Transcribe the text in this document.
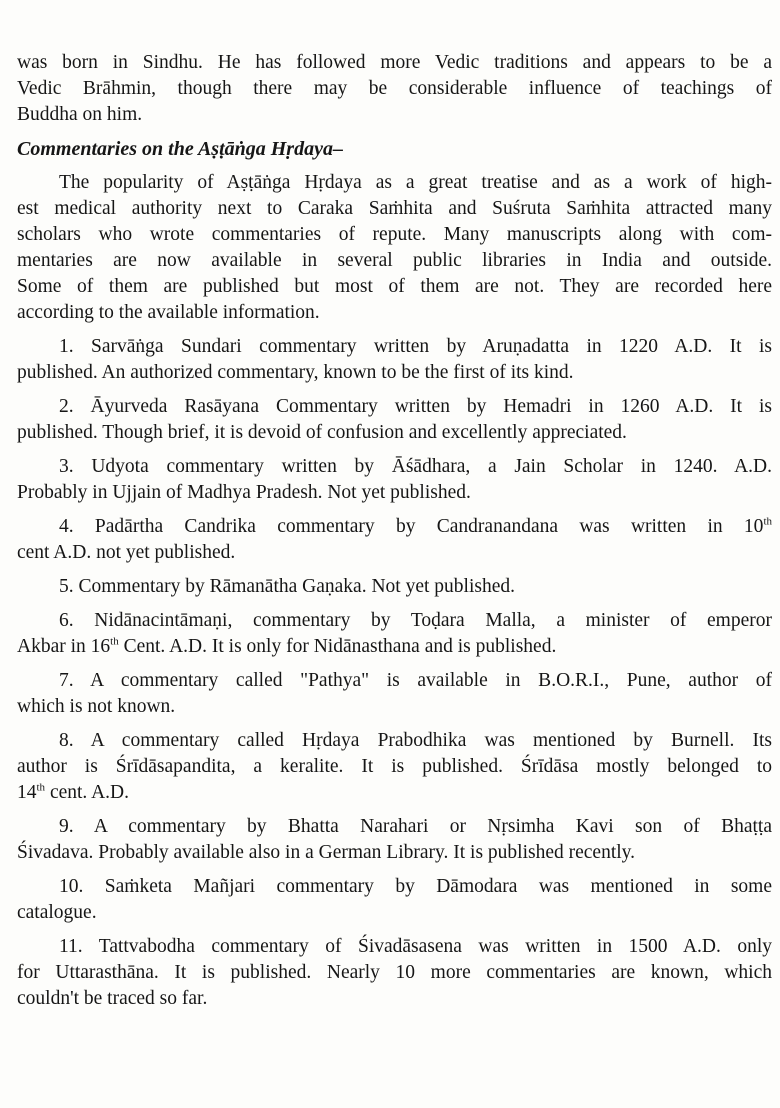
was born in Sindhu. He has followed more Vedic traditions and appears to be a
Vedic Brāhmin, though there may be considerable influence of teachings of
Buddha on him.
Commentaries on the Aṣṭāṅga Hṛdaya–
The popularity of Aṣṭāṅga Hṛdaya as a great treatise and as a work of high-
est medical authority next to Caraka Saṁhita and Suśruta Saṁhita attracted many
scholars who wrote commentaries of repute. Many manuscripts along with com-
mentaries are now available in several public libraries in India and outside.
Some of them are published but most of them are not. They are recorded here
according to the available information.
1. Sarvāṅga Sundari commentary written by Aruṇadatta in 1220 A.D. It is
published. An authorized commentary, known to be the first of its kind.
2. Āyurveda Rasāyana Commentary written by Hemadri in 1260 A.D. It is
published. Though brief, it is devoid of confusion and excellently appreciated.
3. Udyota commentary written by Āśādhara, a Jain Scholar in 1240. A.D.
Probably in Ujjain of Madhya Pradesh. Not yet published.
4. Padārtha Candrika commentary by Candranandana was written in 10th
cent A.D. not yet published.
5. Commentary by Rāmanātha Gaṇaka. Not yet published.
6. Nidānacintāmaṇi, commentary by Toḍara Malla, a minister of emperor
Akbar in 16th Cent. A.D. It is only for Nidānasthana and is published.
7. A commentary called "Pathya" is available in B.O.R.I., Pune, author of
which is not known.
8. A commentary called Hṛdaya Prabodhika was mentioned by Burnell. Its
author is Śrīdāsapandita, a keralite. It is published. Śrīdāsa mostly belonged to
14th cent. A.D.
9. A commentary by Bhatta Narahari or Nṛsimha Kavi son of Bhaṭṭa
Śivadava. Probably available also in a German Library. It is published recently.
10. Saṁketa Mañjari commentary by Dāmodara was mentioned in some
catalogue.
11. Tattvabodha commentary of Śivadāsasena was written in 1500 A.D. only
for Uttarasthāna. It is published. Nearly 10 more commentaries are known, which
couldn't be traced so far.
